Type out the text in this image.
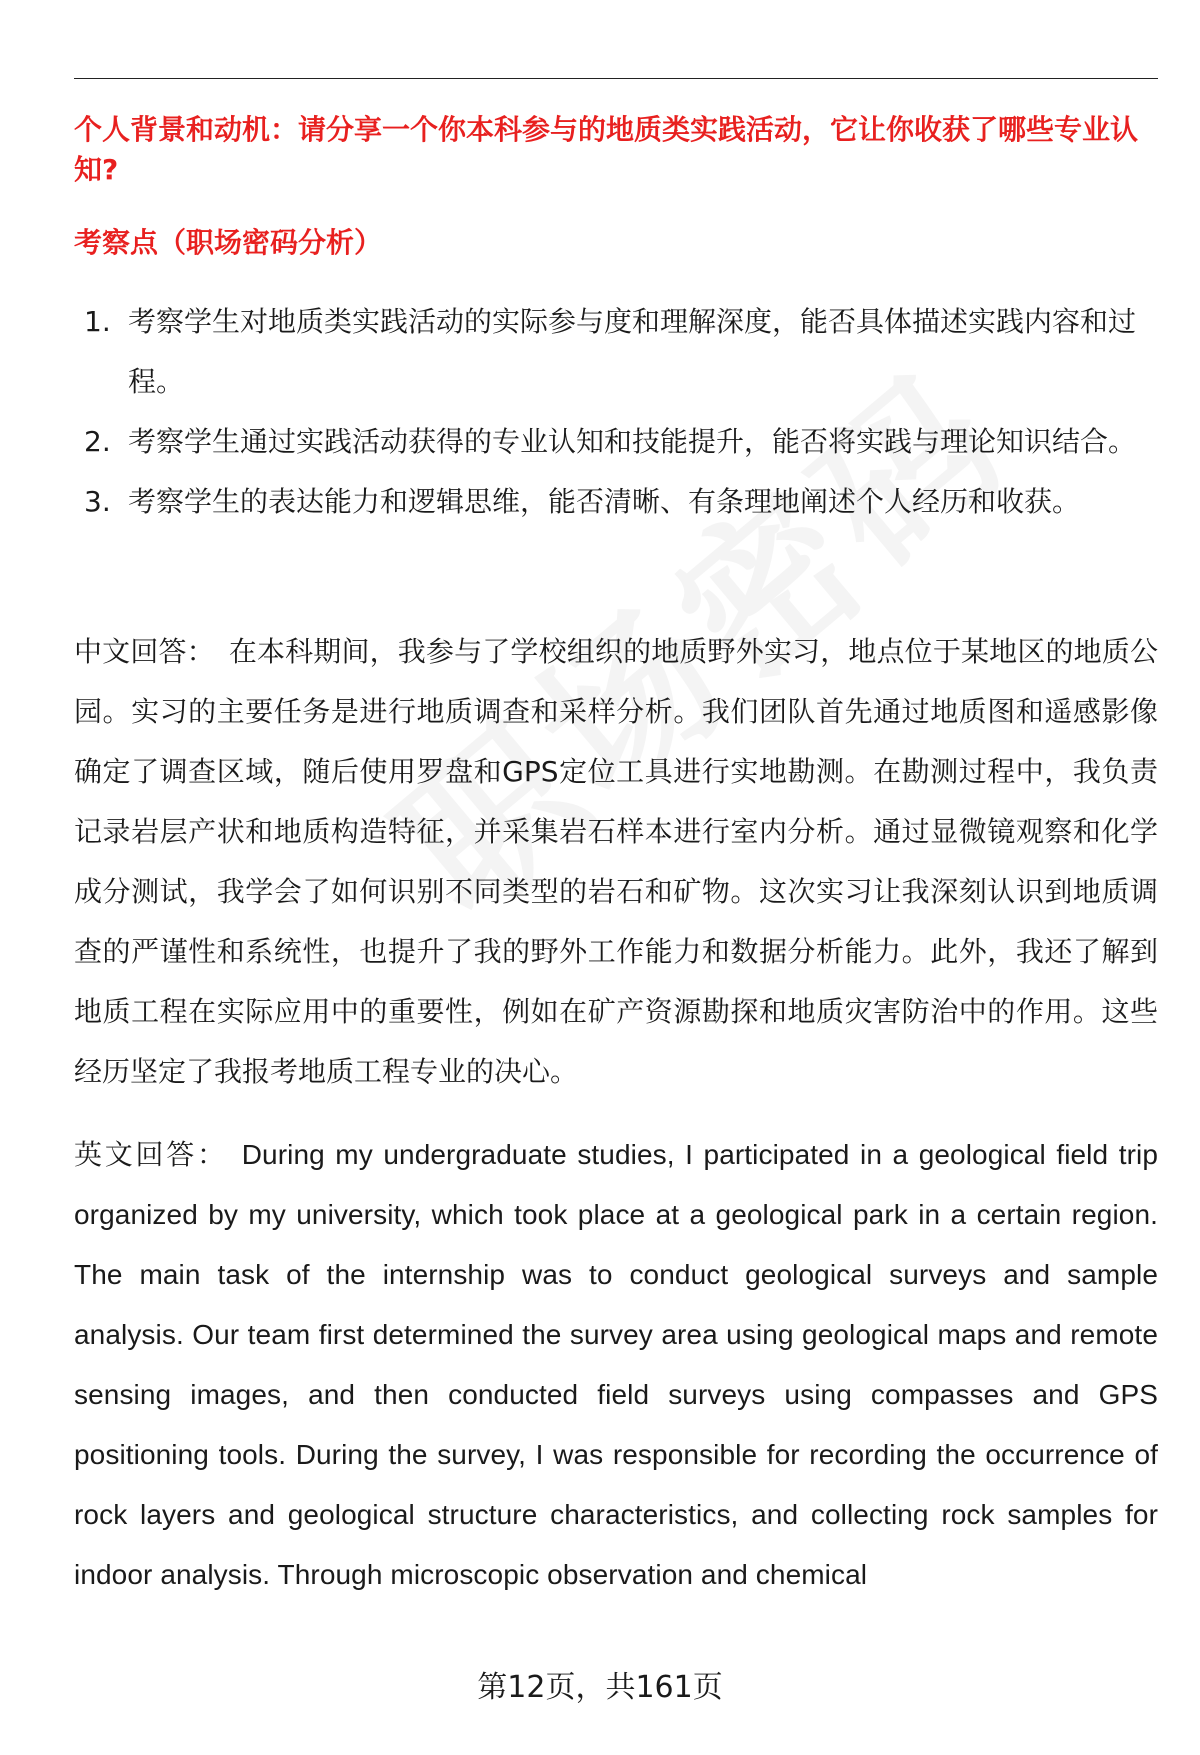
个人背景和动机：请分享一个你本科参与的地质类实践活动，它让你收获了哪些专业认知?
考察点（职场密码分析）
1. 考察学生对地质类实践活动的实际参与度和理解深度，能否具体描述实践内容和过程。
2. 考察学生通过实践活动获得的专业认知和技能提升，能否将实践与理论知识结合。
3. 考察学生的表达能力和逻辑思维，能否清晰、有条理地阐述个人经历和收获。

中文回答： 在本科期间，我参与了学校组织的地质野外实习，地点位于某地区的地质公园。实习的主要任务是进行地质调查和采样分析。我们团队首先通过地质图和遥感影像确定了调查区域，随后使用罗盘和GPS定位工具进行实地勘测。在勘测过程中，我负责记录岩层产状和地质构造特征，并采集岩石样本进行室内分析。通过显微镜观察和化学成分测试，我学会了如何识别不同类型的岩石和矿物。这次实习让我深刻认识到地质调查的严谨性和系统性，也提升了我的野外工作能力和数据分析能力。此外，我还了解到地质工程在实际应用中的重要性，例如在矿产资源勘探和地质灾害防治中的作用。这些经历坚定了我报考地质工程专业的决心。

英文回答： During my undergraduate studies, I participated in a geological field trip organized by my university, which took place at a geological park in a certain region. The main task of the internship was to conduct geological surveys and sample analysis. Our team first determined the survey area using geological maps and remote sensing images, and then conducted field surveys using compasses and GPS positioning tools. During the survey, I was responsible for recording the occurrence of rock layers and geological structure characteristics, and collecting rock samples for indoor analysis. Through microscopic observation and chemical

第12页，共161页
